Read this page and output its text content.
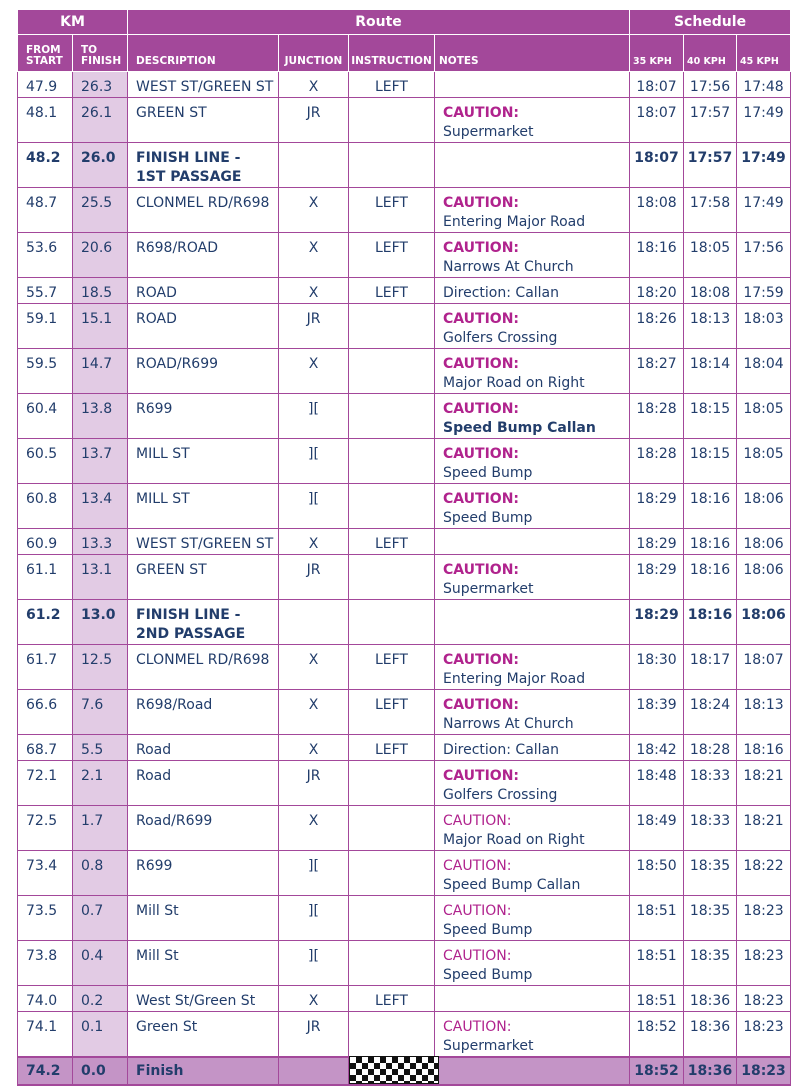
KM		Route				Schedule		
FROM START	TO FINISH	DESCRIPTION	JUNCTION	INSTRUCTION	NOTES	35 KPH	40 KPH	45 KPH
47.9	26.3	WEST ST/GREEN ST	X	LEFT		18:07	17:56	17:48
48.1	26.1	GREEN ST	JR		CAUTION:
Supermarket	18:07	17:57	17:49
48.2	26.0	FINISH LINE -
1ST PASSAGE				18:07	17:57	17:49
48.7	25.5	CLONMEL RD/R698	X	LEFT	CAUTION:
Entering Major Road	18:08	17:58	17:49
53.6	20.6	R698/ROAD	X	LEFT	CAUTION:
Narrows At Church	18:16	18:05	17:56
55.7	18.5	ROAD	X	LEFT	Direction: Callan	18:20	18:08	17:59
59.1	15.1	ROAD	JR		CAUTION:
Golfers Crossing	18:26	18:13	18:03
59.5	14.7	ROAD/R699	X		CAUTION:
Major Road on Right	18:27	18:14	18:04
60.4	13.8	R699	][		CAUTION:
Speed Bump Callan	18:28	18:15	18:05
60.5	13.7	MILL ST	][		CAUTION:
Speed Bump	18:28	18:15	18:05
60.8	13.4	MILL ST	][		CAUTION:
Speed Bump	18:29	18:16	18:06
60.9	13.3	WEST ST/GREEN ST	X	LEFT		18:29	18:16	18:06
61.1	13.1	GREEN ST	JR		CAUTION:
Supermarket	18:29	18:16	18:06
61.2	13.0	FINISH LINE -
2ND PASSAGE				18:29	18:16	18:06
61.7	12.5	CLONMEL RD/R698	X	LEFT	CAUTION:
Entering Major Road	18:30	18:17	18:07
66.6	7.6	R698/Road	X	LEFT	CAUTION:
Narrows At Church	18:39	18:24	18:13
68.7	5.5	Road	X	LEFT	Direction: Callan	18:42	18:28	18:16
72.1	2.1	Road	JR		CAUTION:
Golfers Crossing	18:48	18:33	18:21
72.5	1.7	Road/R699	X		CAUTION:
Major Road on Right	18:49	18:33	18:21
73.4	0.8	R699	][		CAUTION:
Speed Bump Callan	18:50	18:35	18:22
73.5	0.7	Mill St	][		CAUTION:
Speed Bump	18:51	18:35	18:23
73.8	0.4	Mill St	][		CAUTION:
Speed Bump	18:51	18:35	18:23
74.0	0.2	West St/Green St	X	LEFT		18:51	18:36	18:23
74.1	0.1	Green St	JR		CAUTION:
Supermarket	18:52	18:36	18:23
74.2	0.0	Finish				18:52	18:36	18:23
